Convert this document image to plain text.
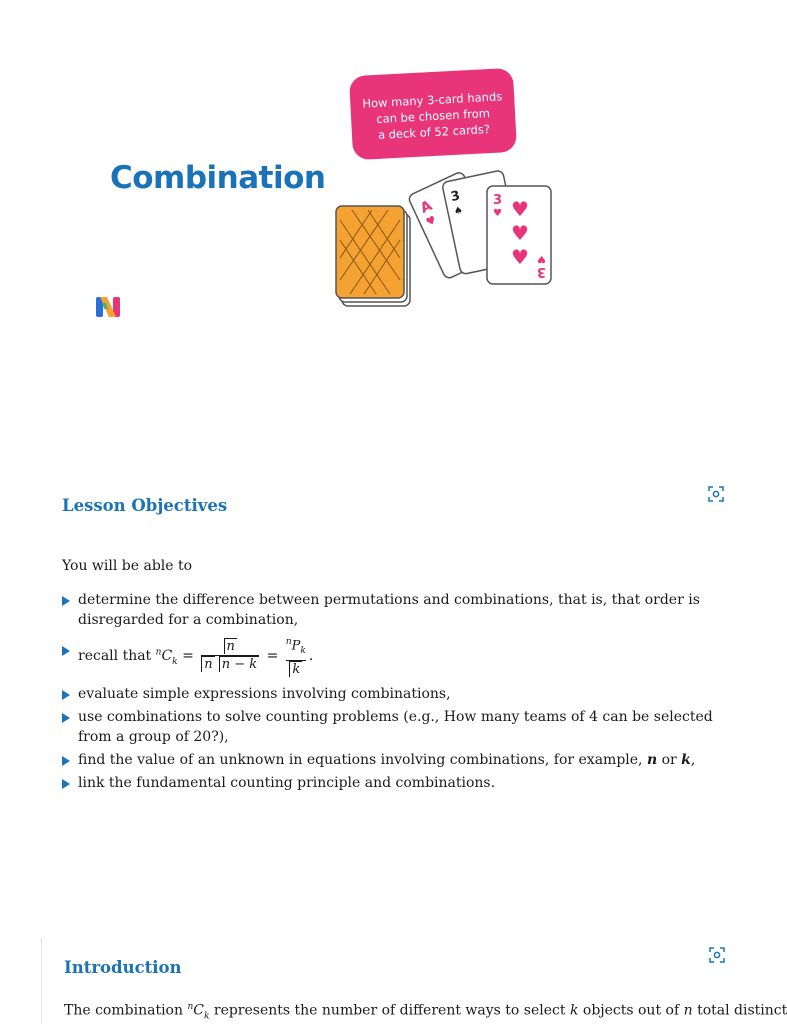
Combination
How many 3-card hands
can be chosen from
a deck of 52 cards?
A
♥
3
♠
3
♥ ♥
♥
♥
3
♥
Lesson Objectives
You will be able to
determine the difference between permutations and combinations, that is, that order is disregarded for a combination,
recall that $^nC_k = \frac{n}{\text{n n − k}} = \frac{^nP_k}{k}$ .
evaluate simple expressions involving combinations,
use combinations to solve counting problems (e.g., How many teams of 4 can be selected from a group of 20?),
find the value of an unknown in equations involving combinations, for example, n or k,
link the fundamental counting principle and combinations.
Introduction
The combination $^nC_k$ represents the number of different ways to select k objects out of n total distinct
